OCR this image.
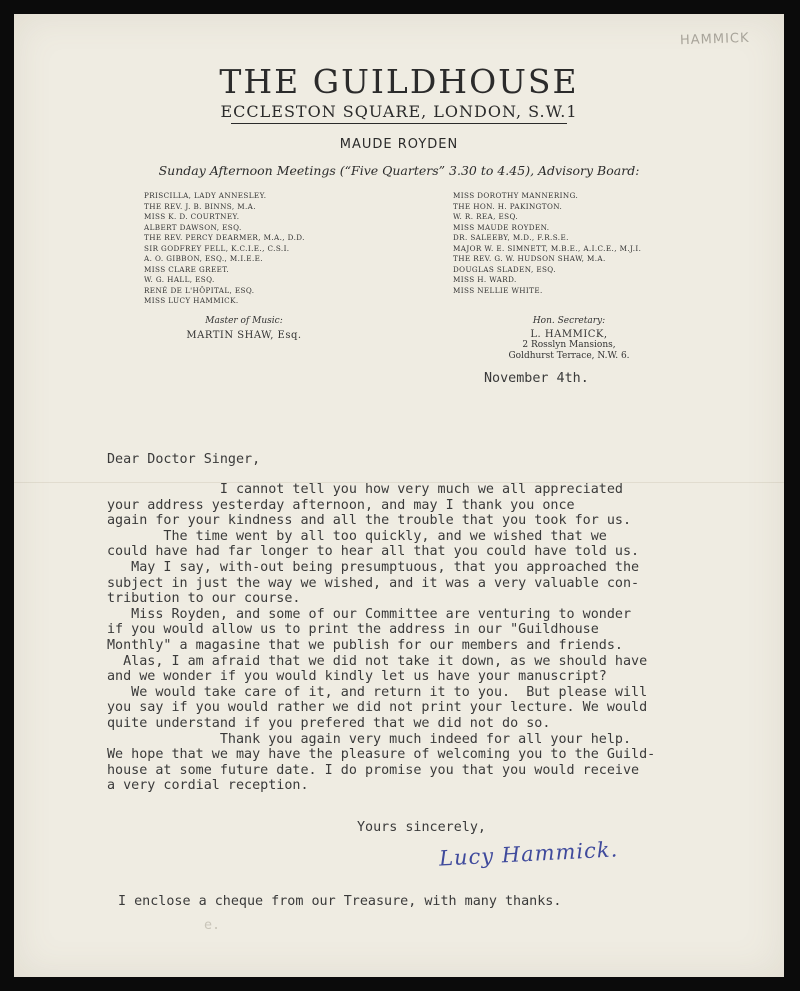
HAMMICK
THE GUILDHOUSE
ECCLESTON SQUARE, LONDON, S.W.1
MAUDE ROYDEN
Sunday Afternoon Meetings (“Five Quarters” 3.30 to 4.45), Advisory Board:
PRISCILLA, LADY ANNESLEY.
THE REV. J. B. BINNS, M.A.
MISS K. D. COURTNEY.
ALBERT DAWSON, ESQ.
THE REV. PERCY DEARMER, M.A., D.D.
SIR GODFREY FELL, K.C.I.E., C.S.I.
A. O. GIBBON, ESQ., M.I.E.E.
MISS CLARE GREET.
W. G. HALL, ESQ.
RENÉ DE L'HÔPITAL, ESQ.
MISS LUCY HAMMICK.
MISS DOROTHY MANNERING.
THE HON. H. PAKINGTON.
W. R. REA, ESQ.
MISS MAUDE ROYDEN.
DR. SALEEBY, M.D., F.R.S.E.
MAJOR W. E. SIMNETT, M.B.E., A.I.C.E., M.J.I.
THE REV. G. W. HUDSON SHAW, M.A.
DOUGLAS SLADEN, ESQ.
MISS H. WARD.
MISS NELLIE WHITE.
Master of Music:
MARTIN SHAW, Esq.
Hon. Secretary:
L. HAMMICK,
2 Rosslyn Mansions,
Goldhurst Terrace, N.W. 6.
November 4th.
Dear Doctor Singer,
I cannot tell you how very much we all appreciated
your address yesterday afternoon, and may I thank you once
again for your kindness and all the trouble that you took for us.
The time went by all too quickly, and we wished that we
could have had far longer to hear all that you could have told us.
May I say, with-out being presumptuous, that you approached the
subject in just the way we wished, and it was a very valuable con-
tribution to our course.
Miss Royden, and some of our Committee are venturing to wonder
if you would allow us to print the address in our "Guildhouse
Monthly" a magasine that we publish for our members and friends.
Alas, I am afraid that we did not take it down, as we should have
and we wonder if you would kindly let us have your manuscript?
We would take care of it, and return it to you.  But please will
you say if you would rather we did not print your lecture. We would
quite understand if you prefered that we did not do so.
Thank you again very much indeed for all your help.
We hope that we may have the pleasure of welcoming you to the Guild-
house at some future date. I do promise you that you would receive
a very cordial reception.
Yours sincerely,
Lucy Hammick.
I enclose a cheque from our Treasure, with many thanks.
e.
